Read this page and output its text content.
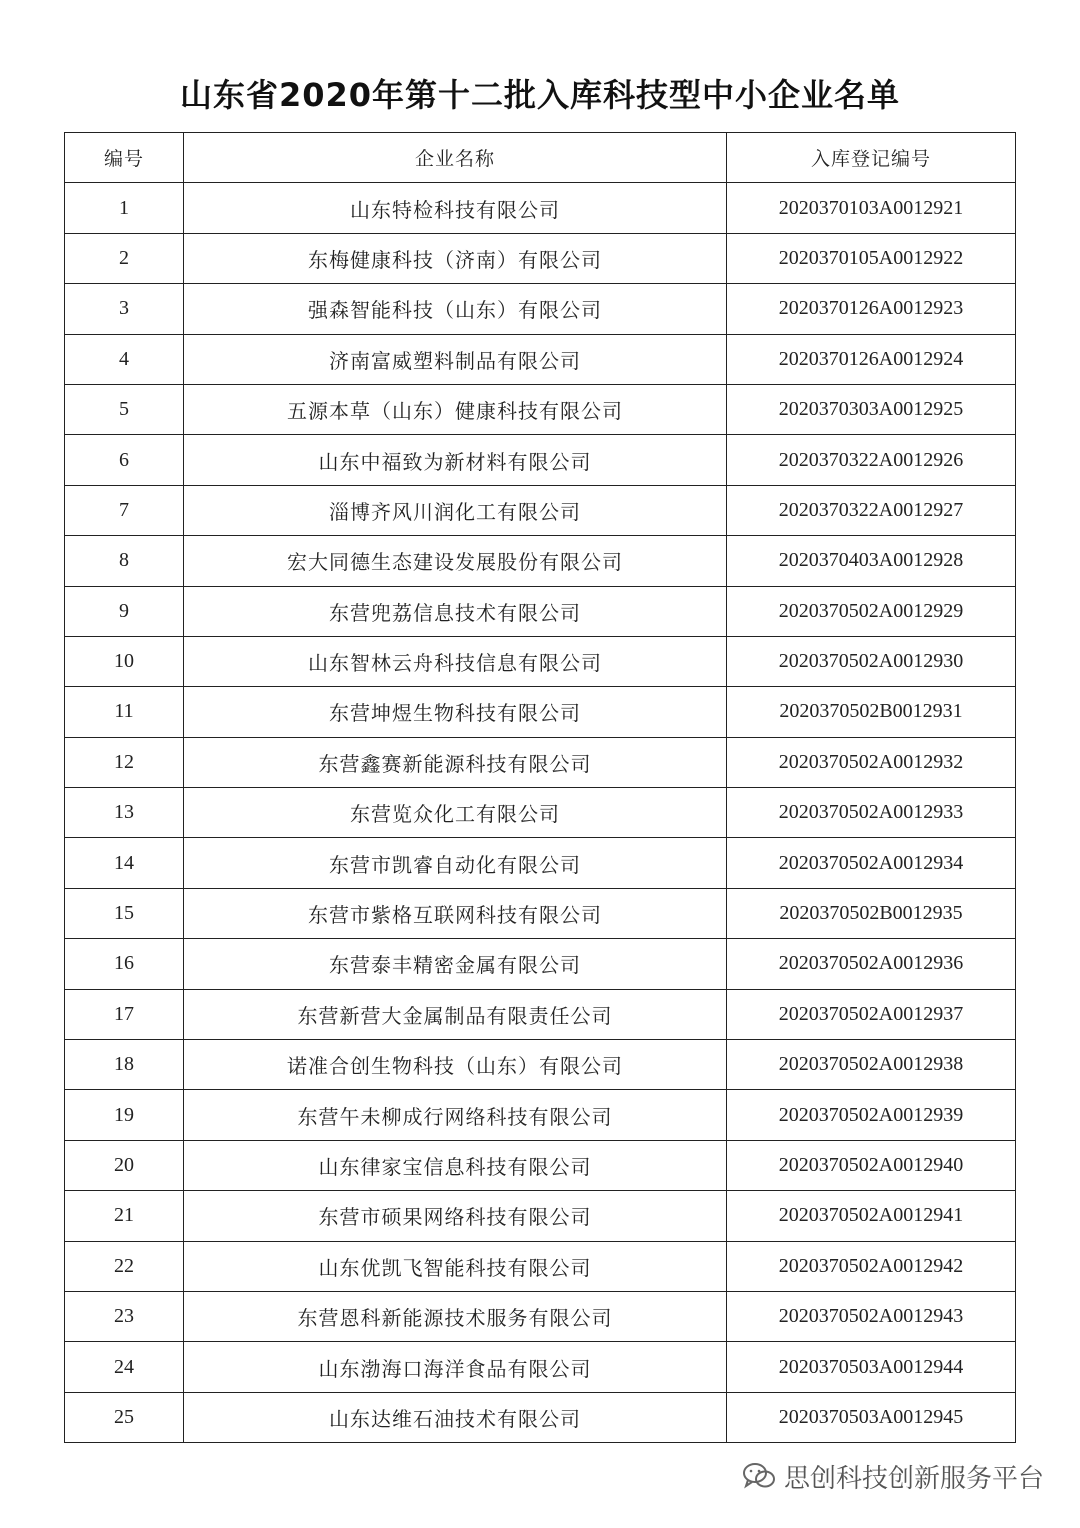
山东省2020年第十二批入库科技型中小企业名单
编号	企业名称	入库登记编号
1	山东特检科技有限公司	2020370103A0012921
2	东梅健康科技（济南）有限公司	2020370105A0012922
3	强森智能科技（山东）有限公司	2020370126A0012923
4	济南富威塑料制品有限公司	2020370126A0012924
5	五源本草（山东）健康科技有限公司	2020370303A0012925
6	山东中福致为新材料有限公司	2020370322A0012926
7	淄博齐风川润化工有限公司	2020370322A0012927
8	宏大同德生态建设发展股份有限公司	2020370403A0012928
9	东营兜荔信息技术有限公司	2020370502A0012929
10	山东智林云舟科技信息有限公司	2020370502A0012930
11	东营坤煜生物科技有限公司	2020370502B0012931
12	东营鑫赛新能源科技有限公司	2020370502A0012932
13	东营览众化工有限公司	2020370502A0012933
14	东营市凯睿自动化有限公司	2020370502A0012934
15	东营市紫格互联网科技有限公司	2020370502B0012935
16	东营泰丰精密金属有限公司	2020370502A0012936
17	东营新营大金属制品有限责任公司	2020370502A0012937
18	诺准合创生物科技（山东）有限公司	2020370502A0012938
19	东营午未柳成行网络科技有限公司	2020370502A0012939
20	山东律家宝信息科技有限公司	2020370502A0012940
21	东营市硕果网络科技有限公司	2020370502A0012941
22	山东优凯飞智能科技有限公司	2020370502A0012942
23	东营恩科新能源技术服务有限公司	2020370502A0012943
24	山东渤海口海洋食品有限公司	2020370503A0012944
25	山东达维石油技术有限公司	2020370503A0012945
思创科技创新服务平台
